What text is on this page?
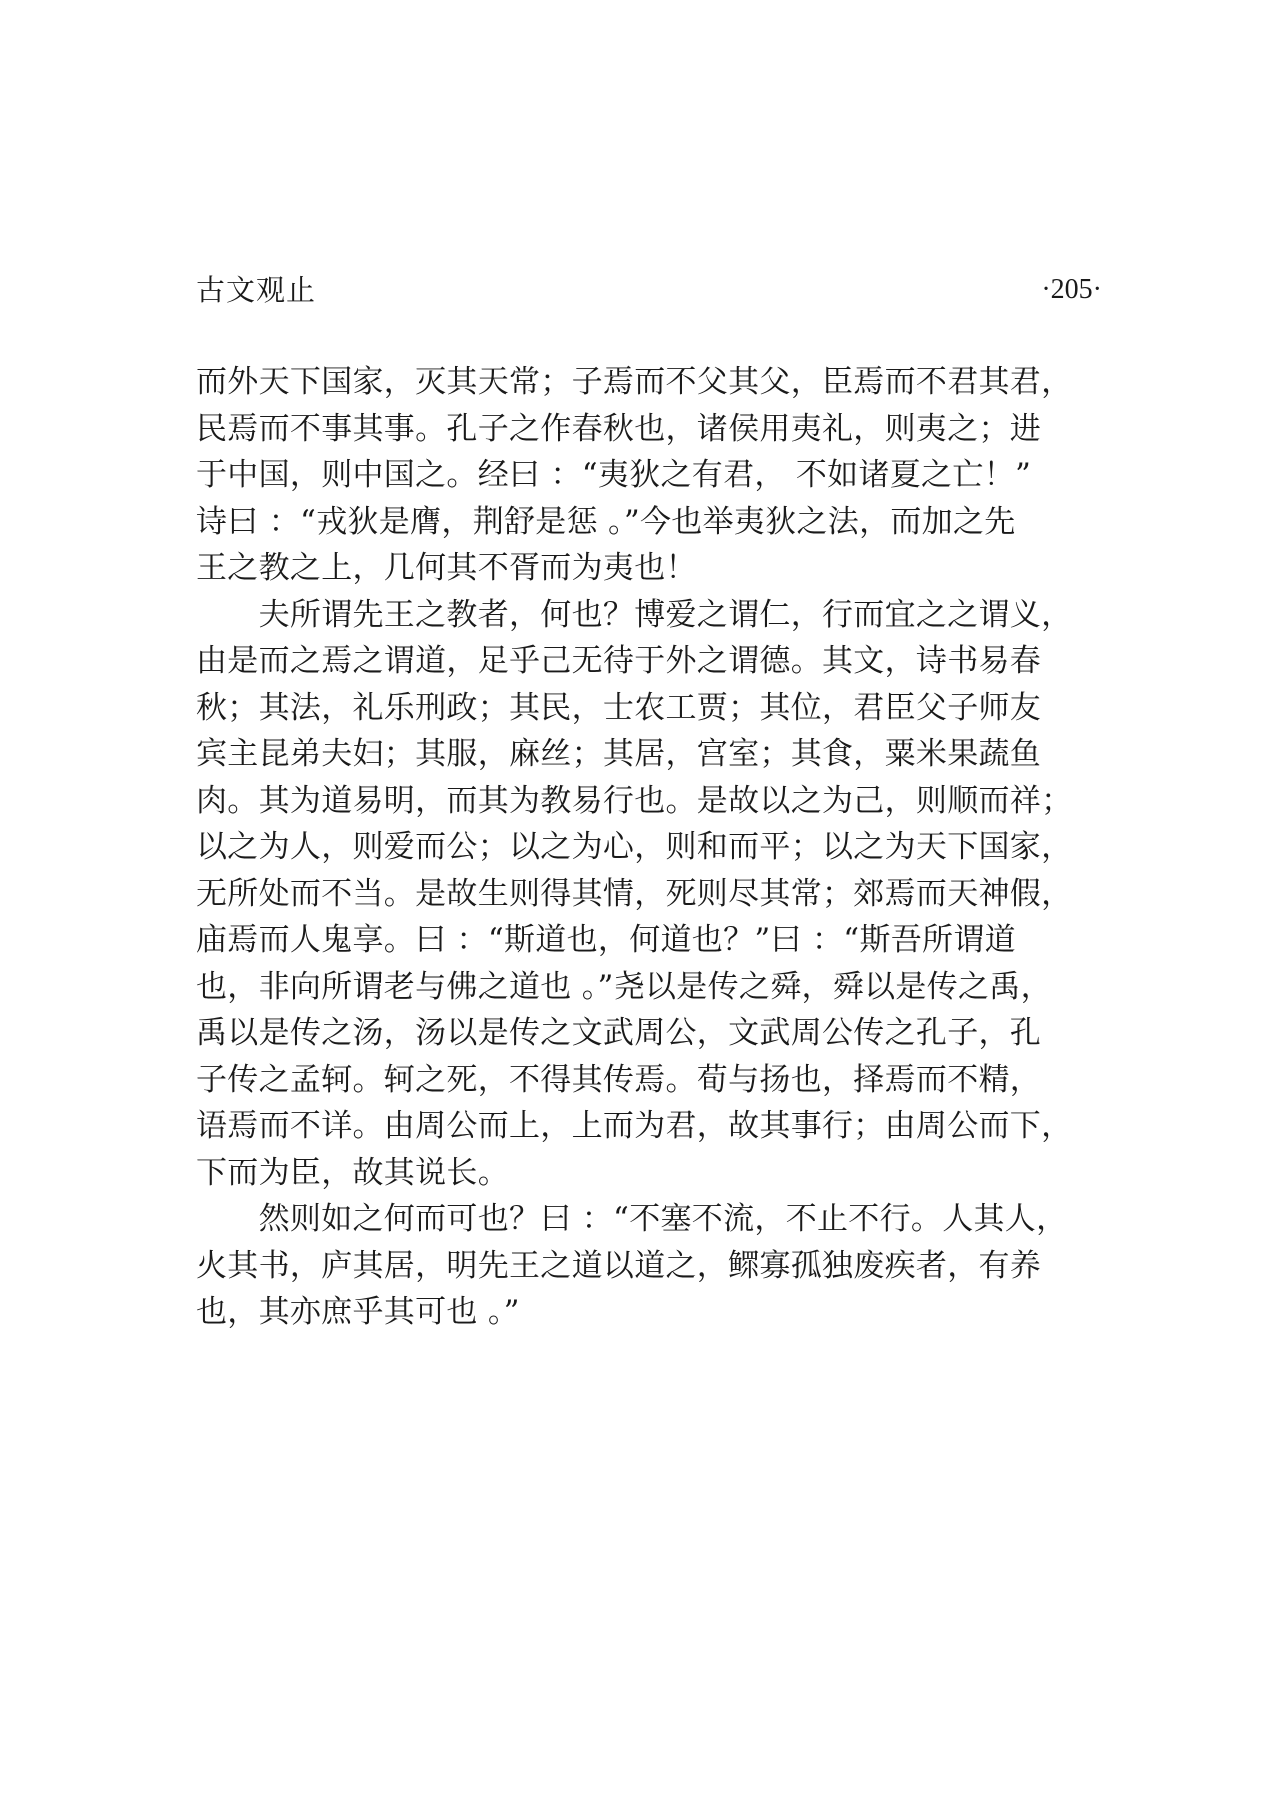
古文观止	·205·
而外天下国家，灭其天常；子焉而不父其父，臣焉而不君其君，
民焉而不事其事。孔子之作春秋也，诸侯用夷礼，则夷之；进
于中国，则中国之。经曰 ：“夷狄之有君， 不如诸夏之亡！”
诗曰 ：“戎狄是膺，荆舒是惩 。”今也举夷狄之法，而加之先
王之教之上，几何其不胥而为夷也！
　　夫所谓先王之教者，何也？博爱之谓仁，行而宜之之谓义，
由是而之焉之谓道，足乎己无待于外之谓德。其文，诗书易春
秋；其法，礼乐刑政；其民，士农工贾；其位，君臣父子师友
宾主昆弟夫妇；其服，麻丝；其居，宫室；其食，粟米果蔬鱼
肉。其为道易明，而其为教易行也。是故以之为己，则顺而祥；
以之为人，则爱而公；以之为心，则和而平；以之为天下国家，
无所处而不当。是故生则得其情，死则尽其常；郊焉而天神假，
庙焉而人鬼享。曰 ：“斯道也，何道也？”曰 ：“斯吾所谓道
也，非向所谓老与佛之道也 。”尧以是传之舜，舜以是传之禹，
禹以是传之汤，汤以是传之文武周公，文武周公传之孔子，孔
子传之孟轲。轲之死，不得其传焉。荀与扬也，择焉而不精，
语焉而不详。由周公而上，上而为君，故其事行；由周公而下，
下而为臣，故其说长。
　　然则如之何而可也？曰 ：“不塞不流，不止不行。人其人，
火其书，庐其居，明先王之道以道之，鳏寡孤独废疾者，有养
也，其亦庶乎其可也 。”
